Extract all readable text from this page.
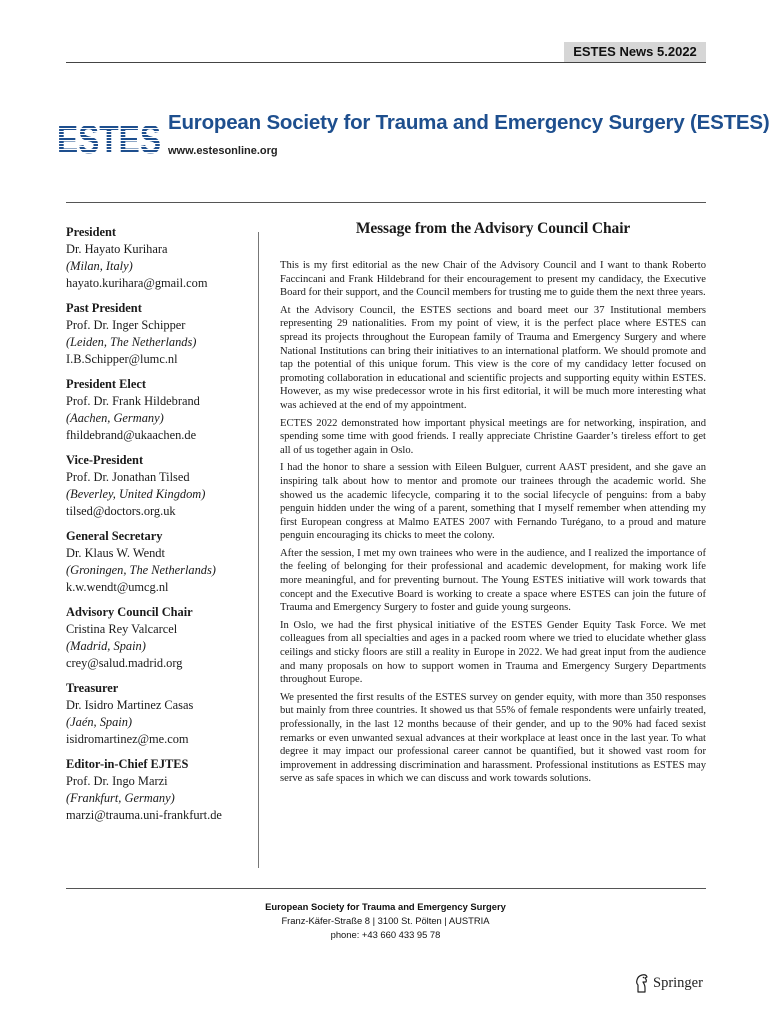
ESTES News 5.2022
ESTES European Society for Trauma and Emergency Surgery (ESTES)
www.estesonline.org
President
Dr. Hayato Kurihara
(Milan, Italy)
hayato.kurihara@gmail.com
Past President
Prof. Dr. Inger Schipper
(Leiden, The Netherlands)
I.B.Schipper@lumc.nl
President Elect
Prof. Dr. Frank Hildebrand
(Aachen, Germany)
fhildebrand@ukaachen.de
Vice-President
Prof. Dr. Jonathan Tilsed
(Beverley, United Kingdom)
tilsed@doctors.org.uk
General Secretary
Dr. Klaus W. Wendt
(Groningen, The Netherlands)
k.w.wendt@umcg.nl
Advisory Council Chair
Cristina Rey Valcarcel
(Madrid, Spain)
crey@salud.madrid.org
Treasurer
Dr. Isidro Martinez Casas
(Jaén, Spain)
isidromartinez@me.com
Editor-in-Chief EJTES
Prof. Dr. Ingo Marzi
(Frankfurt, Germany)
marzi@trauma.uni-frankfurt.de
Message from the Advisory Council Chair

This is my first editorial as the new Chair of the Advisory Council and I want to thank Roberto Faccincani and Frank Hildebrand for their encouragement to present my candidacy, the Executive Board for their support, and the Council members for trusting me to guide them the next three years.

At the Advisory Council, the ESTES sections and board meet our 37 Institutional members representing 29 nationalities. From my point of view, it is the perfect place where ESTES can spread its projects throughout the European family of Trauma and Emergency Surgery and where National Institutions can bring their initiatives to an international platform. We should promote and tap the potential of this unique forum. This view is the core of my candidacy letter focused on promoting collaboration in educational and scientific projects and supporting equity within ESTES. However, as my wise predecessor wrote in his first editorial, it will be much more interesting what was achieved at the end of my appointment.

ECTES 2022 demonstrated how important physical meetings are for networking, inspiration, and spending some time with good friends. I really appreciate Christine Gaarder’s tireless effort to get all of us together again in Oslo.

I had the honor to share a session with Eileen Bulguer, current AAST president, and she gave an inspiring talk about how to mentor and promote our trainees through the academic world. She showed us the academic lifecycle, comparing it to the social lifecycle of penguins: from a baby penguin hidden under the wing of a parent, something that I myself remember when attending my first European congress at Malmo EATES 2007 with Fernando Turégano, to a proud and mature penguin encouraging its chicks to meet the colony.

After the session, I met my own trainees who were in the audience, and I realized the importance of the feeling of belonging for their professional and academic development, for making work life more meaningful, and for preventing burnout. The Young ESTES initiative will work towards that concept and the Executive Board is working to create a space where ESTES can join the future of Trauma and Emergency Surgery to foster and guide young surgeons.

In Oslo, we had the first physical initiative of the ESTES Gender Equity Task Force. We met colleagues from all specialties and ages in a packed room where we tried to elucidate whether glass ceilings and sticky floors are still a reality in Europe in 2022. We had great input from the audience and many proposals on how to support women in Trauma and Emergency Surgery Departments throughout Europe.

We presented the first results of the ESTES survey on gender equity, with more than 350 responses but mainly from three countries. It showed us that 55% of female respondents were unfairly treated, professionally, in the last 12 months because of their gender, and up to the 90% had faced sexist remarks or even unwanted sexual advances at their workplace at least once in the last year. To what degree it may impact our professional career cannot be quantified, but it showed vast room for improvement in addressing discrimination and harassment. Professional institutions as ESTES may serve as safe spaces in which we can discuss and work towards solutions.

European Society for Trauma and Emergency Surgery
Franz-Käfer-Straße 8 | 3100 St. Pölten | AUSTRIA
phone: +43 660 433 95 78
Springer
